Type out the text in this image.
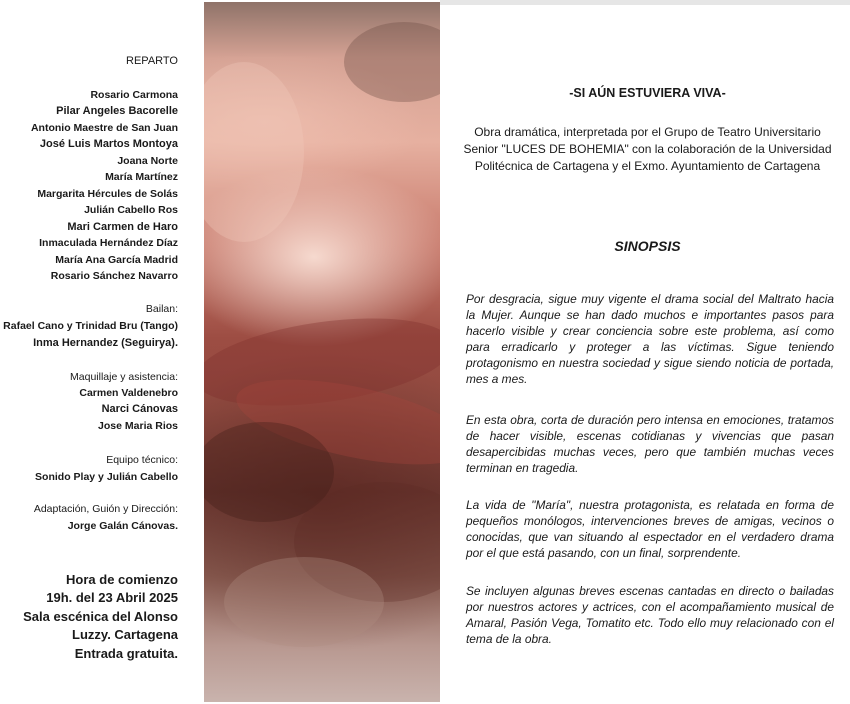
REPARTO
Rosario Carmona
Pilar Angeles Bacorelle
Antonio Maestre de San Juan
José Luis Martos Montoya
Joana Norte
María Martínez
Margarita Hércules de Solás
Julián Cabello Ros
Mari Carmen de Haro
Inmaculada Hernández Díaz
María Ana García Madrid
Rosario Sánchez Navarro
Bailan:
Rafael Cano y Trinidad Bru (Tango)
Inma Hernandez (Seguirya).
Maquillaje y asistencia:
Carmen Valdenebro
Narci Cánovas
Jose Maria Rios
Equipo técnico:
Sonido Play y Julián Cabello
Adaptación, Guión y Dirección:
Jorge Galán Cánovas.
Hora de comienzo
19h. del 23 Abril 2025
Sala escénica del Alonso
Luzzy. Cartagena
Entrada gratuita.
-SI AÚN ESTUVIERA VIVA-
Obra dramática, interpretada por el Grupo de Teatro Universitario
Senior "LUCES DE BOHEMIA" con la colaboración de la Universidad
Politécnica de Cartagena y el Exmo. Ayuntamiento de Cartagena
SINOPSIS
Por desgracia, sigue muy vigente el drama social del Maltrato hacia la Mujer. Aunque se han dado muchos e importantes pasos para hacerlo visible y crear conciencia sobre este problema, así como para erradicarlo y proteger a las víctimas. Sigue teniendo protagonismo en nuestra sociedad y sigue siendo noticia de portada, mes a mes.
En esta obra, corta de duración pero intensa en emociones, tratamos de hacer visible, escenas cotidianas y vivencias que pasan desapercibidas muchas veces, pero que también muchas veces terminan en tragedia.
La vida de "María", nuestra protagonista, es relatada en forma de pequeños monólogos, intervenciones breves de amigas, vecinos o conocidas, que van situando al espectador en el verdadero drama por el que está pasando, con un final, sorprendente.
Se incluyen algunas breves escenas cantadas en directo o bailadas por nuestros actores y actrices, con el acompañamiento musical de Amaral, Pasión Vega, Tomatito etc. Todo ello muy relacionado con el tema de la obra.
